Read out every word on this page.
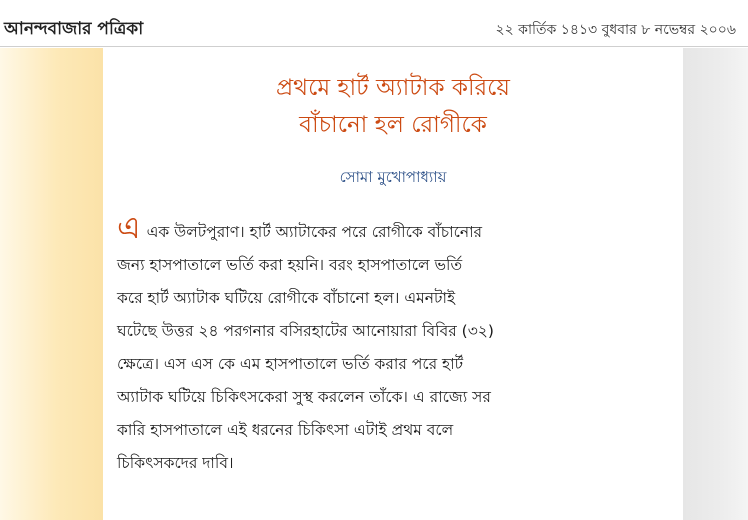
আনন্দবাজার পত্রিকা	২২ কার্তিক ১৪১৩ বুধবার ৮ নভেম্বর ২০০৬
প্রথমে হার্ট অ্যাটাক করিয়ে
বাঁচানো হল রোগীকে
সোমা মুখোপাধ্যায়
এএক উলটপুরাণ। হার্ট অ্যাটাকের পরে রোগীকে বাঁচানোর
জন্য হাসপাতালে ভর্তি করা হয়নি। বরং হাসপাতালে ভর্তি
করে হার্ট অ্যাটাক ঘটিয়ে রোগীকে বাঁচানো হল। এমনটাই
ঘটেছে উত্তর ২৪ পরগনার বসিরহাটের আনোয়ারা বিবির (৩২)
ক্ষেত্রে। এস এস কে এম হাসপাতালে ভর্তি করার পরে হার্ট
অ্যাটাক ঘটিয়ে চিকিৎসকেরা সুস্থ করলেন তাঁকে। এ রাজ্যে সর
কারি হাসপাতালে এই ধরনের চিকিৎসা এটাই প্রথম বলে
চিকিৎসকদের দাবি।
